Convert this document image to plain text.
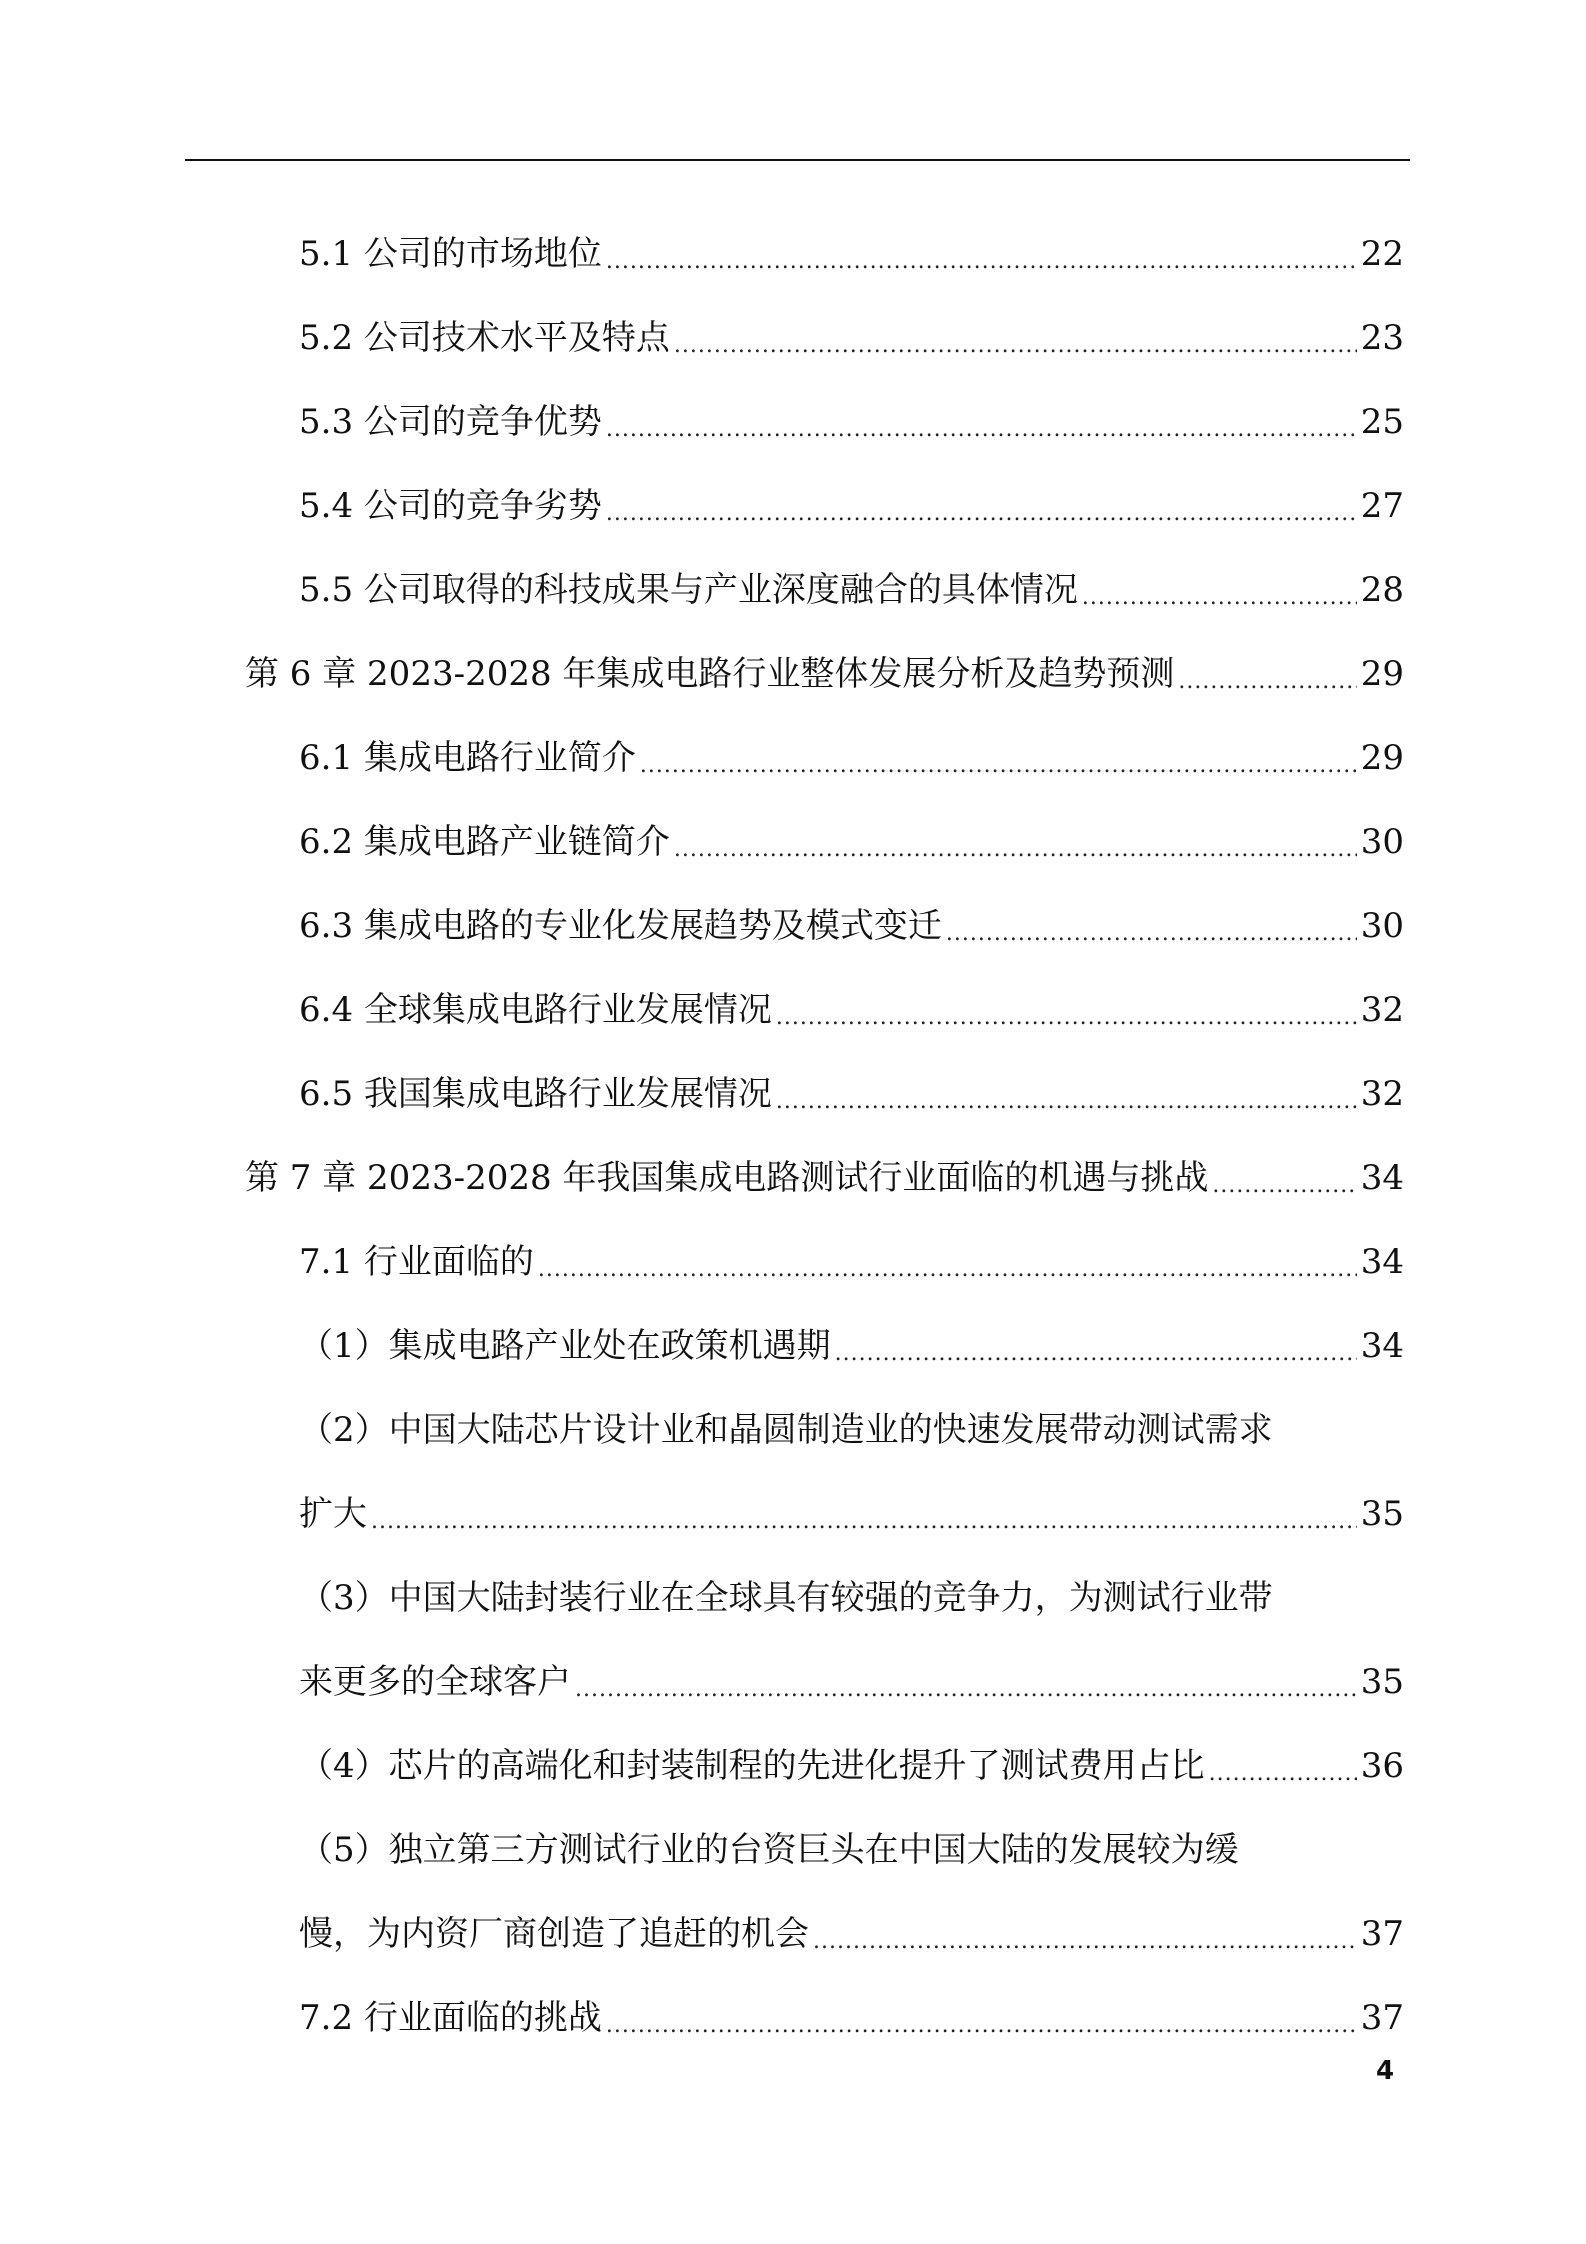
5.1 公司的市场地位 .....	22
5.2 公司技术水平及特点 .....	23
5.3 公司的竞争优势 .....	25
5.4 公司的竞争劣势 .....	27
5.5 公司取得的科技成果与产业深度融合的具体情况 .....	28
第 6 章 2023-2028 年集成电路行业整体发展分析及趋势预测 .....	29
6.1 集成电路行业简介 .....	29
6.2 集成电路产业链简介 .....	30
6.3 集成电路的专业化发展趋势及模式变迁 .....	30
6.4 全球集成电路行业发展情况 .....	32
6.5 我国集成电路行业发展情况 .....	32
第 7 章 2023-2028 年我国集成电路测试行业面临的机遇与挑战 .....	34
7.1 行业面临的 .....	34
（1）集成电路产业处在政策机遇期 .....	34
（2）中国大陆芯片设计业和晶圆制造业的快速发展带动测试需求
扩大 .....	35
（3）中国大陆封装行业在全球具有较强的竞争力，为测试行业带
来更多的全球客户 .....	35
（4）芯片的高端化和封装制程的先进化提升了测试费用占比 .....	36
（5）独立第三方测试行业的台资巨头在中国大陆的发展较为缓
慢，为内资厂商创造了追赶的机会 .....	37
7.2 行业面临的挑战 .....	37
4
